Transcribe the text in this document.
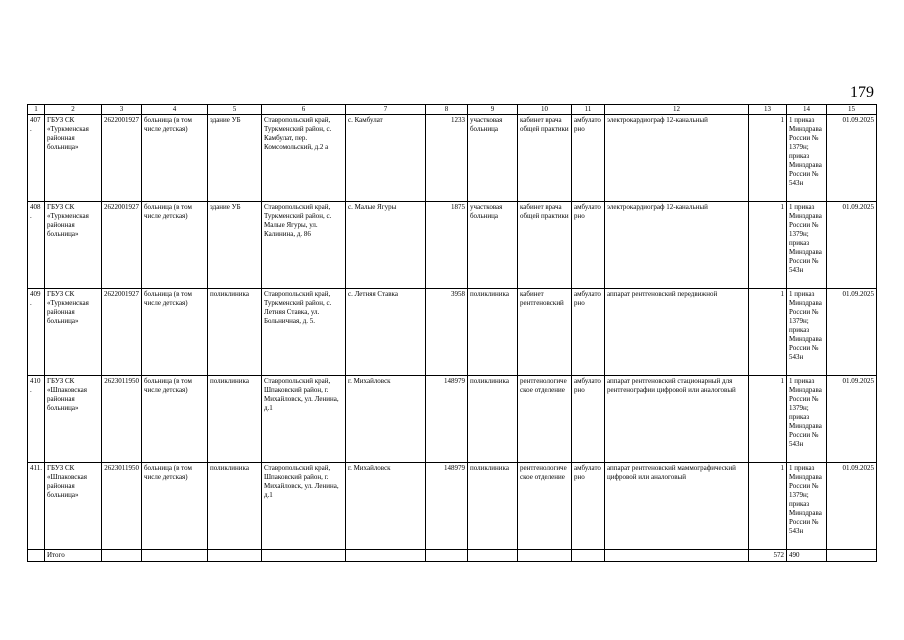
179
1	2	3	4	5	6	7	8	9	10	11	12	13	14	15
407.	ГБУЗ СК «Туркменская районная больница»	2622001927	больница (в том числе детская)	здание УБ	Ставропольский край, Туркменский район, с. Камбулат, пер. Комсомольский, д.2 а	с. Камбулат	1233	участковая больница	кабинет врача общей практики	амбулаторно	электрокардиограф 12-канальный	1	1 приказ Минздрава России № 1379н; приказ Минздрава России № 543н	01.09.2025
408.	ГБУЗ СК «Туркменская районная больница»	2622001927	больница (в том числе детская)	здание УБ	Ставропольский край, Туркменский район, с. Малые Ягуры, ул. Калинина, д. 86	с. Малые Ягуры	1875	участковая больница	кабинет врача общей практики	амбулаторно	электрокардиограф 12-канальный	1	1 приказ Минздрава России № 1379н; приказ Минздрава России № 543н	01.09.2025
409.	ГБУЗ СК «Туркменская районная больница»	2622001927	больница (в том числе детская)	поликлиника	Ставропольский край, Туркменский район, с. Летняя Ставка, ул. Больничная, д. 5.	с. Летняя Ставка	3958	поликлиника	кабинет рентгеновский	амбулаторно	аппарат рентгеновский передвижной	1	1 приказ Минздрава России № 1379н; приказ Минздрава России № 543н	01.09.2025
410.	ГБУЗ СК «Шпаковская районная больница»	2623011950	больница (в том числе детская)	поликлиника	Ставропольский край, Шпаковский район, г. Михайловск, ул. Ленина, д.1	г. Михайловск	148979	поликлиника	рентгенологическое отделение	амбулаторно	аппарат рентгеновский стационарный для рентгенографии цифровой или аналоговый	1	1 приказ Минздрава России № 1379н; приказ Минздрава России № 543н	01.09.2025
411.	ГБУЗ СК «Шпаковская районная больница»	2623011950	больница (в том числе детская)	поликлиника	Ставропольский край, Шпаковский район, г. Михайловск, ул. Ленина, д.1	г. Михайловск	148979	поликлиника	рентгенологическое отделение	амбулаторно	аппарат рентгеновский маммографический цифровой или аналоговый	1	1 приказ Минздрава России № 1379н; приказ Минздрава России № 543н	01.09.2025
	Итого											572	490	
